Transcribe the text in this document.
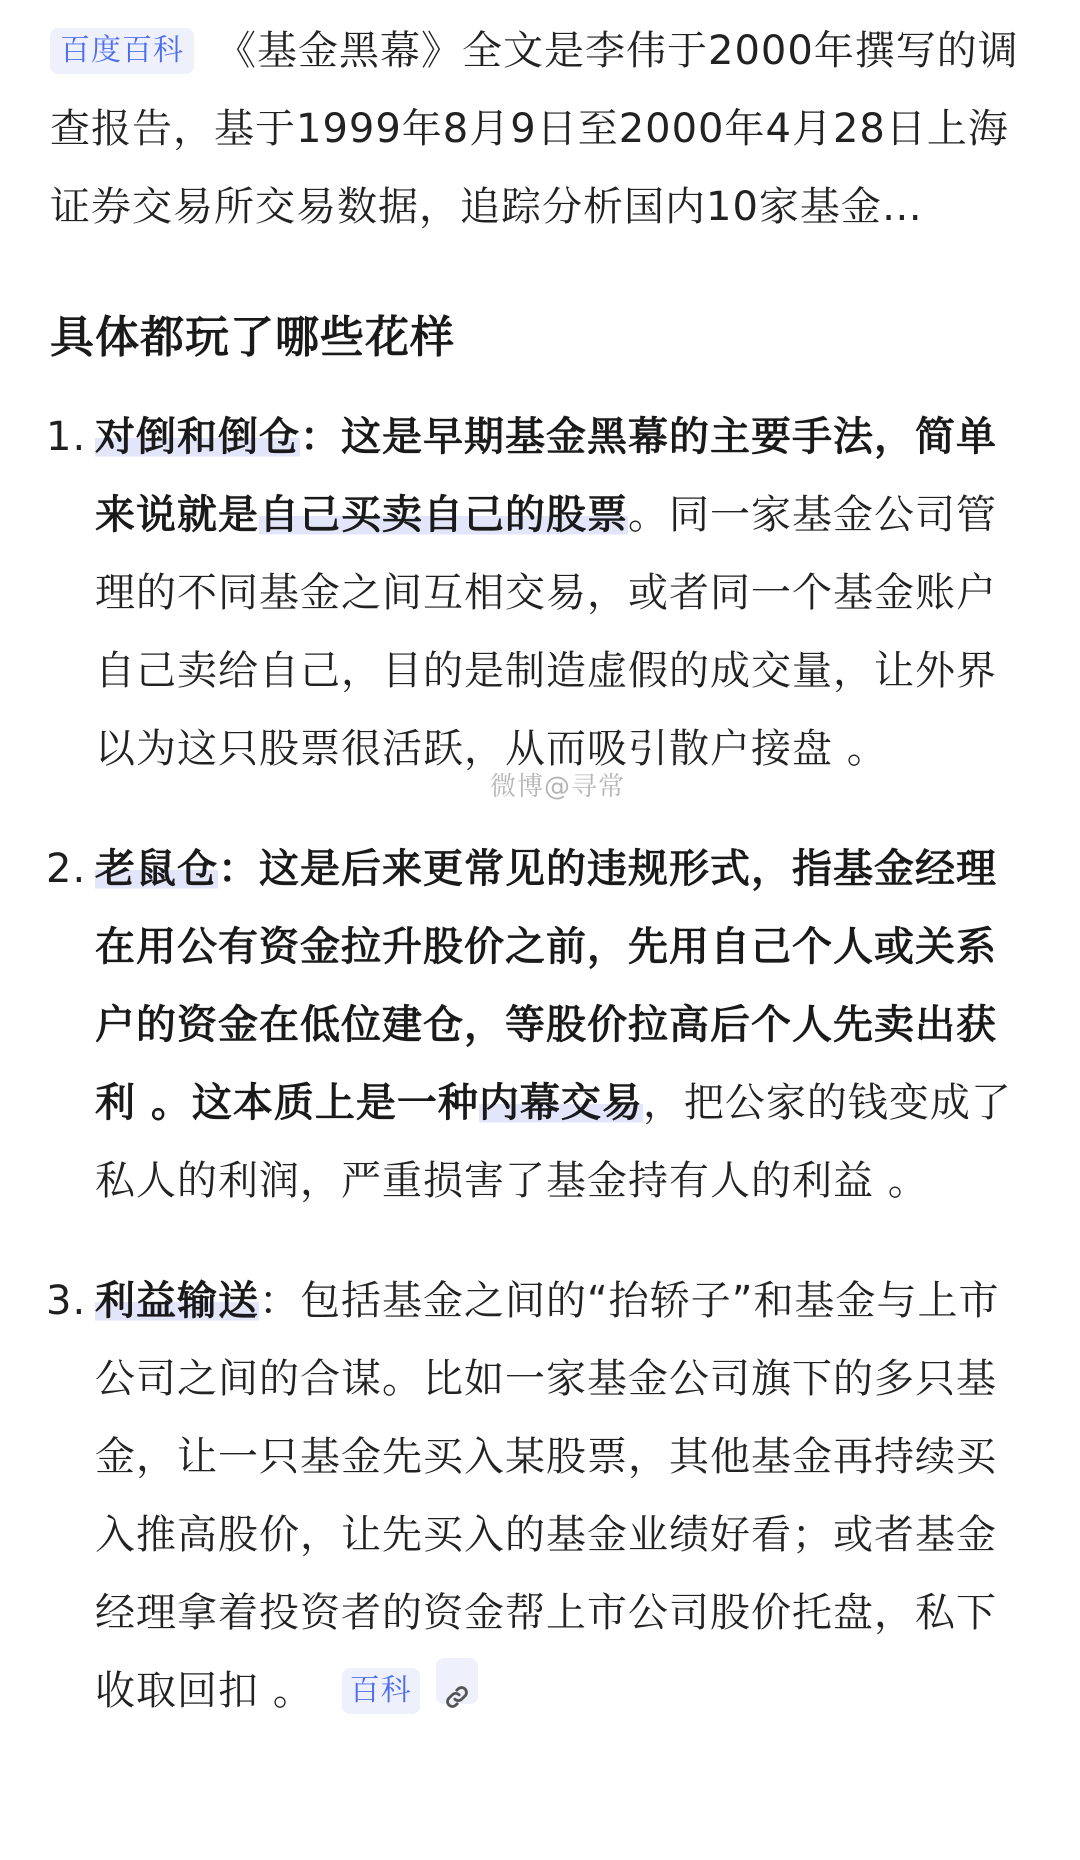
百度百科 《基金黑幕》全文是李伟于2000年撰写的调查报告，基于1999年8月9日至2000年4月28日上海证券交易所交易数据，追踪分析国内10家基金…
具体都玩了哪些花样
1. 对倒和倒仓：这是早期基金黑幕的主要手法，简单来说就是自己买卖自己的股票。同一家基金公司管理的不同基金之间互相交易，或者同一个基金账户自己卖给自己，目的是制造虚假的成交量，让外界以为这只股票很活跃，从而吸引散户接盘 。
2. 老鼠仓：这是后来更常见的违规形式，指基金经理在用公有资金拉升股价之前，先用自己个人或关系户的资金在低位建仓，等股价拉高后个人先卖出获利 。这本质上是一种内幕交易，把公家的钱变成了私人的利润，严重损害了基金持有人的利益 。
3. 利益输送：包括基金之间的“抬轿子”和基金与上市公司之间的合谋。比如一家基金公司旗下的多只基金，让一只基金先买入某股票，其他基金再持续买入推高股价，让先买入的基金业绩好看；或者基金经理拿着投资者的资金帮上市公司股价托盘，私下收取回扣 。 百科
微博@寻常
